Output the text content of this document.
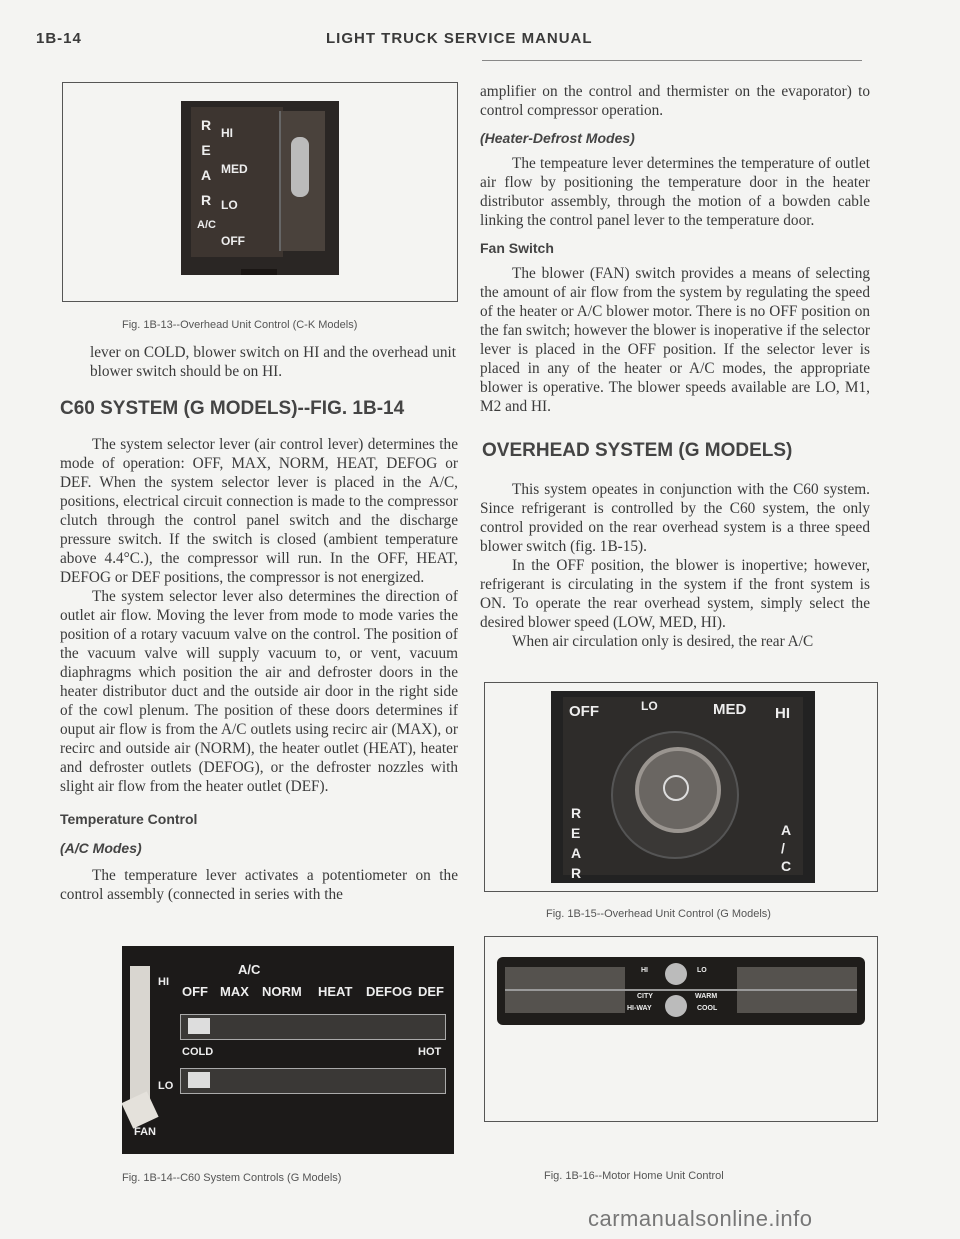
1B-14	LIGHT TRUCK SERVICE MANUAL
R
E
A
R
A/C
HI
MED
LO
OFF
Fig. 1B-13--Overhead Unit Control (C-K Models)

lever on COLD, blower switch on HI and the overhead unit blower switch should be on HI.

C60 SYSTEM (G MODELS)--FIG. 1B-14

The system selector lever (air control lever) determines the mode of operation: OFF, MAX, NORM, HEAT, DEFOG or DEF. When the system selector lever is placed in the A/C, positions, electrical circuit connection is made to the compressor clutch through the control panel switch and the discharge pressure switch. If the switch is closed (ambient temperature above 4.4°C.), the compressor will run. In the OFF, HEAT, DEFOG or DEF positions, the compressor is not energized.

The system selector lever also determines the direction of outlet air flow. Moving the lever from mode to mode varies the position of a rotary vacuum valve on the control. The position of the vacuum valve will supply vacuum to, or vent, vacuum diaphragms which position the air and defroster doors in the heater distributor duct and the outside air door in the right side of the cowl plenum. The position of these doors determines if ouput air flow is from the A/C outlets using recirc air (MAX), or recirc and outside air (NORM), the heater outlet (HEAT), heater and defroster outlets (DEFOG), or the defroster nozzles with slight air flow from the heater outlet (DEF).

Temperature Control
(A/C Modes)

The temperature lever activates a potentiometer on the control assembly (connected in series with the

HI
LO
FAN
A/C
OFF MAX NORM HEAT DEFOG DEF
COLD	HOT
Fig. 1B-14--C60 System Controls (G Models)

amplifier on the control and thermister on the evaporator) to control compressor operation.

(Heater-Defrost Modes)

The tempeature lever determines the temperature of outlet air flow by positioning the temperature door in the heater distributor assembly, through the motion of a bowden cable linking the control panel lever to the temperature door.

Fan Switch

The blower (FAN) switch provides a means of selecting the amount of air flow from the system by regulating the speed of the heater or A/C blower motor. There is no OFF position on the fan switch; however the blower is inoperative if the selector lever is placed in the OFF position. If the selector lever is placed in any of the heater or A/C modes, the appropriate blower is operative. The blower speeds available are LO, M1, M2 and HI.

OVERHEAD SYSTEM (G MODELS)

This system opeates in conjunction with the C60 system. Since refrigerant is controlled by the C60 system, the only control provided on the rear overhead system is a three speed blower switch (fig. 1B-15).

In the OFF position, the blower is inopertive; however, refrigerant is circulating in the system if the front system is ON. To operate the rear overhead system, simply select the desired blower speed (LOW, MED, HI).

When air circulation only is desired, the rear A/C

OFF	LO	MED HI
R
E
A
R
A
/
C
Fig. 1B-15--Overhead Unit Control (G Models)
HI	LO
CITY	WARM
HI-WAY	COOL
Fig. 1B-16--Motor Home Unit Control
carmanualsonline.info
